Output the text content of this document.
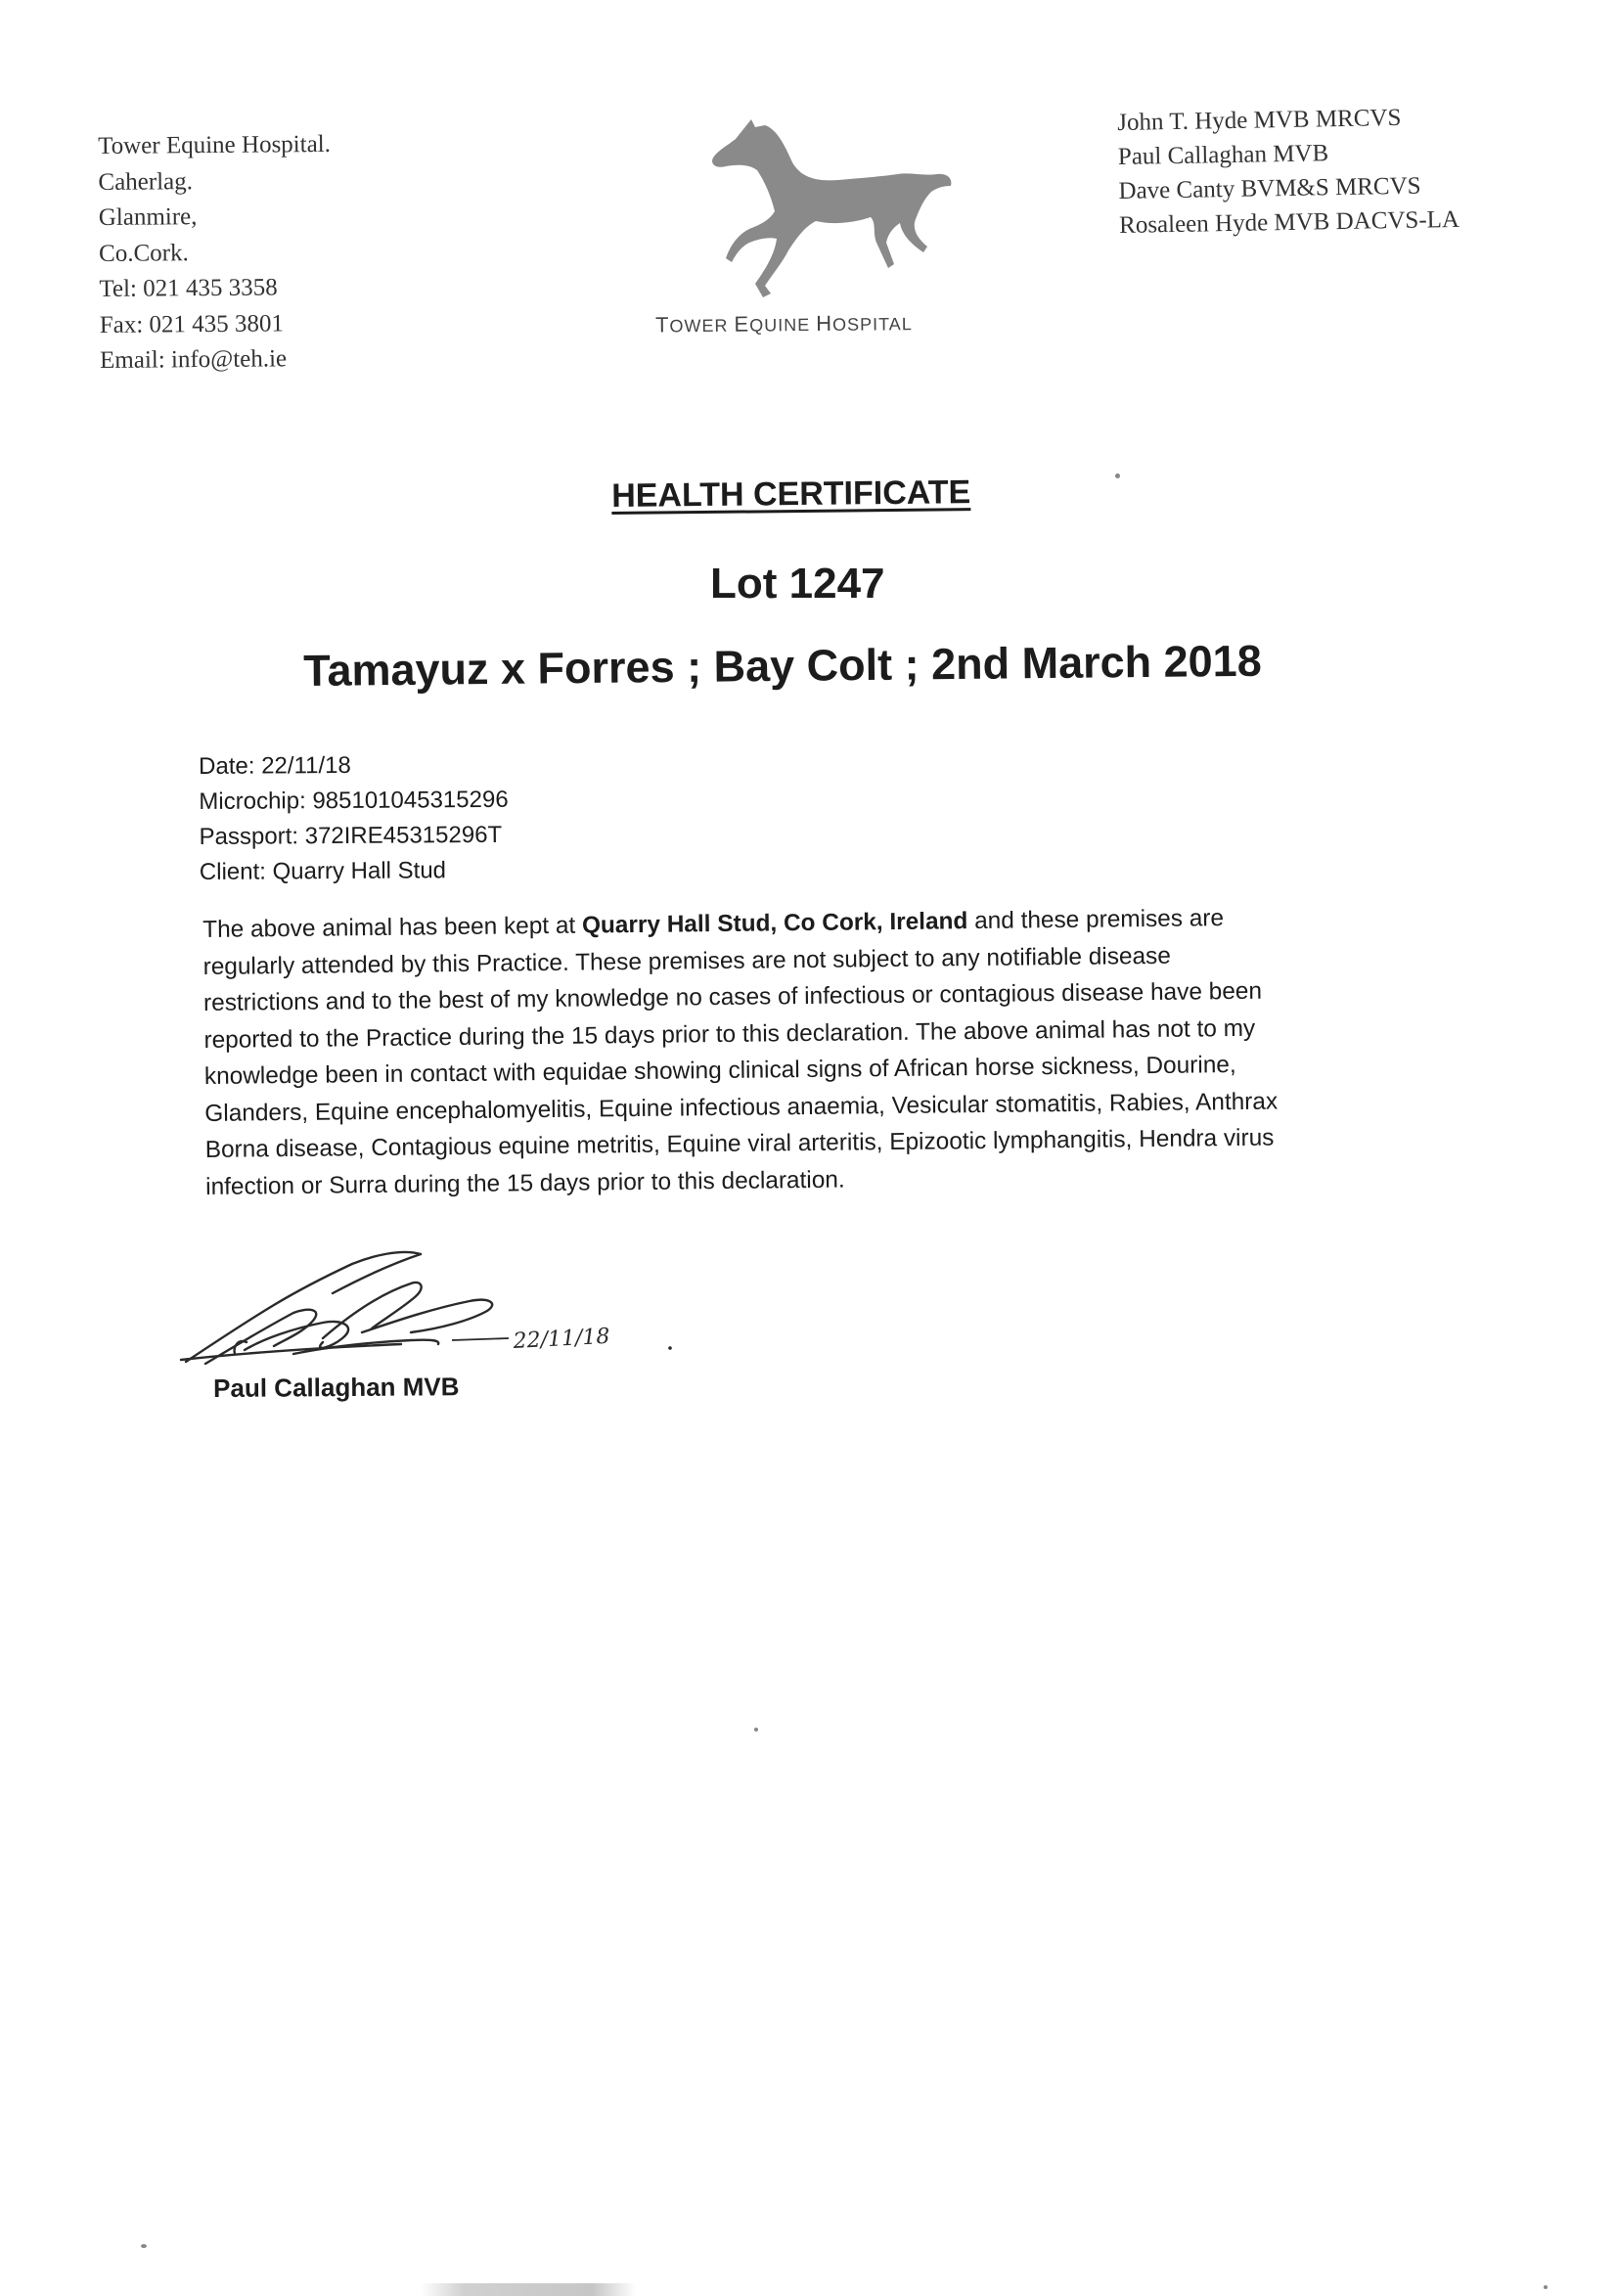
Tower Equine Hospital.
Caherlag.
Glanmire,
Co.Cork.
Tel: 021 435 3358
Fax: 021 435 3801
Email: info@teh.ie
TOWER EQUINE HOSPITAL
John T. Hyde MVB MRCVS
Paul Callaghan MVB
Dave Canty BVM&S MRCVS
Rosaleen Hyde MVB DACVS-LA
HEALTH CERTIFICATE
Lot 1247
Tamayuz x Forres ; Bay Colt ; 2nd March 2018
Date: 22/11/18
Microchip: 985101045315296
Passport: 372IRE45315296T
Client: Quarry Hall Stud
The above animal has been kept at Quarry Hall Stud, Co Cork, Ireland and these premises are
regularly attended by this Practice. These premises are not subject to any notifiable disease
restrictions and to the best of my knowledge no cases of infectious or contagious disease have been
reported to the Practice during the 15 days prior to this declaration. The above animal has not to my
knowledge been in contact with equidae showing clinical signs of African horse sickness, Dourine,
Glanders, Equine encephalomyelitis, Equine infectious anaemia, Vesicular stomatitis, Rabies, Anthrax
Borna disease, Contagious equine metritis, Equine viral arteritis, Epizootic lymphangitis, Hendra virus
infection or Surra during the 15 days prior to this declaration.
22/11/18
Paul Callaghan MVB
